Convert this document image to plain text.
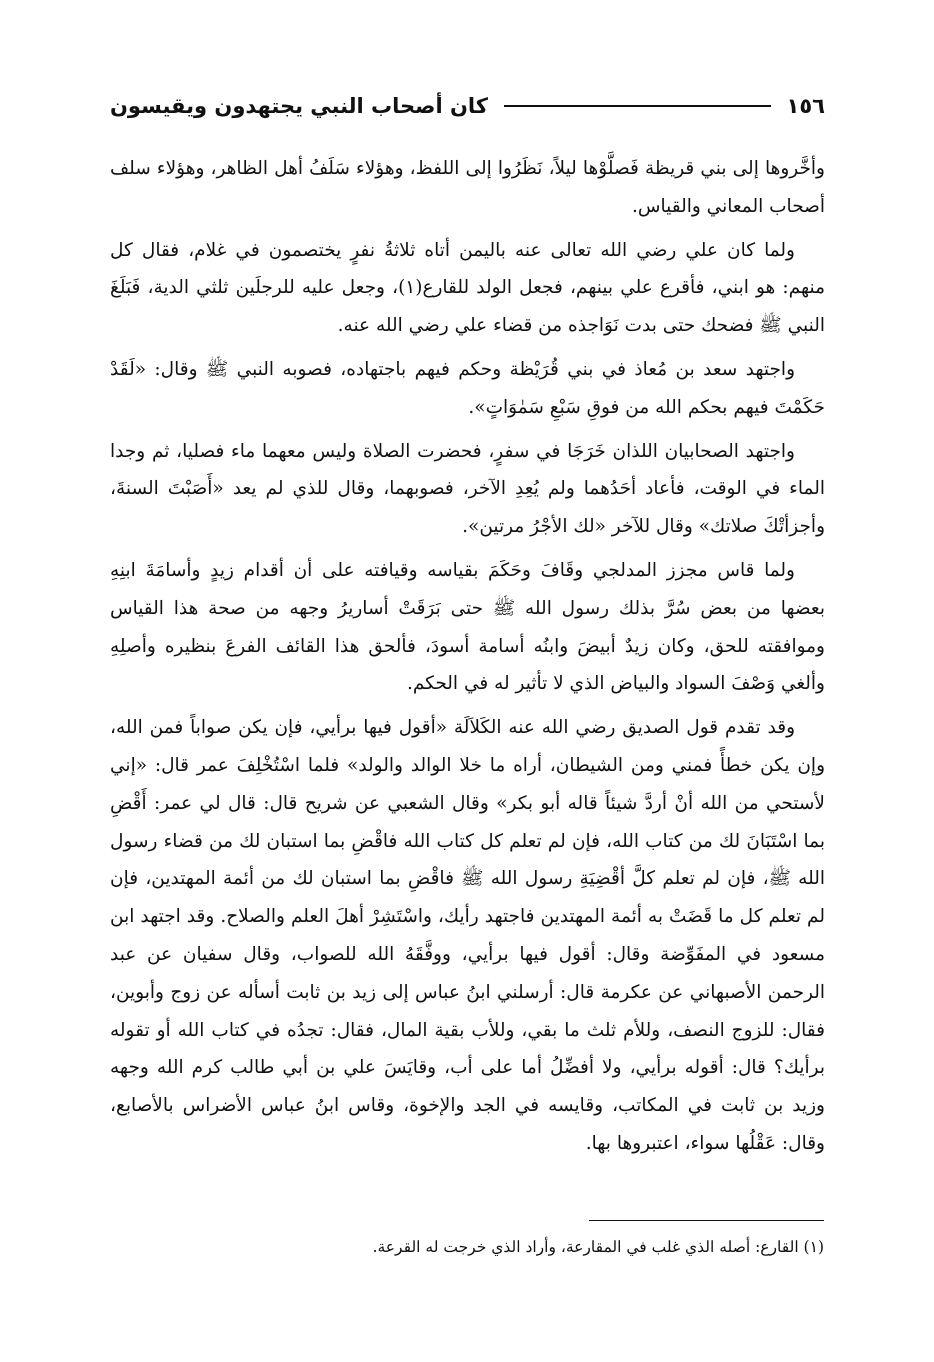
١٥٦
كان أصحاب النبي يجتهدون ويقيسون

وأخَّروها إلى بني قريظة فَصلَّوْها ليلاً، نَظَرُوا إلى اللفظ، وهؤلاء سَلَفُ أهل الظاهر، وهؤلاء سلف أصحاب المعاني والقياس.

ولما كان علي رضي الله تعالى عنه باليمن أتاه ثلاثةُ نفرٍ يختصمون في غلام، فقال كل منهم: هو ابني، فأقرع علي بينهم، فجعل الولد للقارع(١)، وجعل عليه للرجلَين ثلثي الدية، فَبَلَغَ النبي ﷺ فضحك حتى بدت نَوَاجذه من قضاء علي رضي الله عنه.

واجتهد سعد بن مُعاذ في بني قُرَيْظة وحكم فيهم باجتهاده، فصوبه النبي ﷺ وقال: «لَقَدْ حَكَمْتَ فيهم بحكم الله من فوقِ سَبْعِ سَمٰوَاتٍ».

واجتهد الصحابيان اللذان خَرَجَا في سفرٍ، فحضرت الصلاة وليس معهما ماء فصليا، ثم وجدا الماء في الوقت، فأعاد أحَدُهما ولم يُعِدِ الآخر، فصوبهما، وقال للذي لم يعد «أَصَبْتَ السنةَ، وأجزأتْكَ صلاتك» وقال للآخر «لك الأجْرُ مرتين».

ولما قاس مجزز المدلجي وقَافَ وحَكَمَ بقياسه وقيافته على أن أقدام زيدٍ وأسامَةَ ابنِهِ بعضها من بعض سُرَّ بذلك رسول الله ﷺ حتى بَرَقَتْ أساريرُ وجهه من صحة هذا القياس وموافقته للحق، وكان زيدٌ أبيضَ وابنُه أسامة أسودَ، فألحق هذا القائف الفرعَ بنظيره وأصلِهِ وألغي وَصْفَ السواد والبياض الذي لا تأثير له في الحكم.

وقد تقدم قول الصديق رضي الله عنه الكَلاَلَة «أقول فيها برأيي، فإن يكن صواباً فمن الله، وإن يكن خطأً فمني ومن الشيطان، أراه ما خلا الوالد والولد» فلما اسْتُخْلِفَ عمر قال: «إني لأستحي من الله أنْ أردَّ شيئاً قاله أبو بكر» وقال الشعبي عن شريح قال: قال لي عمر: أَقْضِ بما اسْتَبَانَ لك من كتاب الله، فإن لم تعلم كل كتاب الله فاقْضِ بما استبان لك من قضاء رسول الله ﷺ، فإن لم تعلم كلَّ أقْضِيَةِ رسول الله ﷺ فاقْضِ بما استبان لك من أئمة المهتدين، فإن لم تعلم كل ما قَضَتْ به أئمة المهتدين فاجتهد رأيك، واسْتَشِرْ أهلَ العلم والصلاح. وقد اجتهد ابن مسعود في المفَوِّضة وقال: أقول فيها برأيي، ووفَّقَهُ الله للصواب، وقال سفيان عن عبد الرحمن الأصبهاني عن عكرمة قال: أرسلني ابنُ عباس إلى زيد بن ثابت أسأله عن زوج وأبوين، فقال: للزوج النصف، وللأم ثلث ما بقي، وللأب بقية المال، فقال: تجدُه في كتاب الله أو تقوله برأيك؟ قال: أقوله برأيي، ولا أفضِّلُ أما على أب، وقايَسَ علي بن أبي طالب كرم الله وجهه وزيد بن ثابت في المكاتب، وقايسه في الجد والإخوة، وقاس ابنُ عباس الأضراس بالأصابع، وقال: عَقْلُها سواء، اعتبروها بها.

(١) القارع: أصله الذي غلب في المقارعة، وأراد الذي خرجت له القرعة.
